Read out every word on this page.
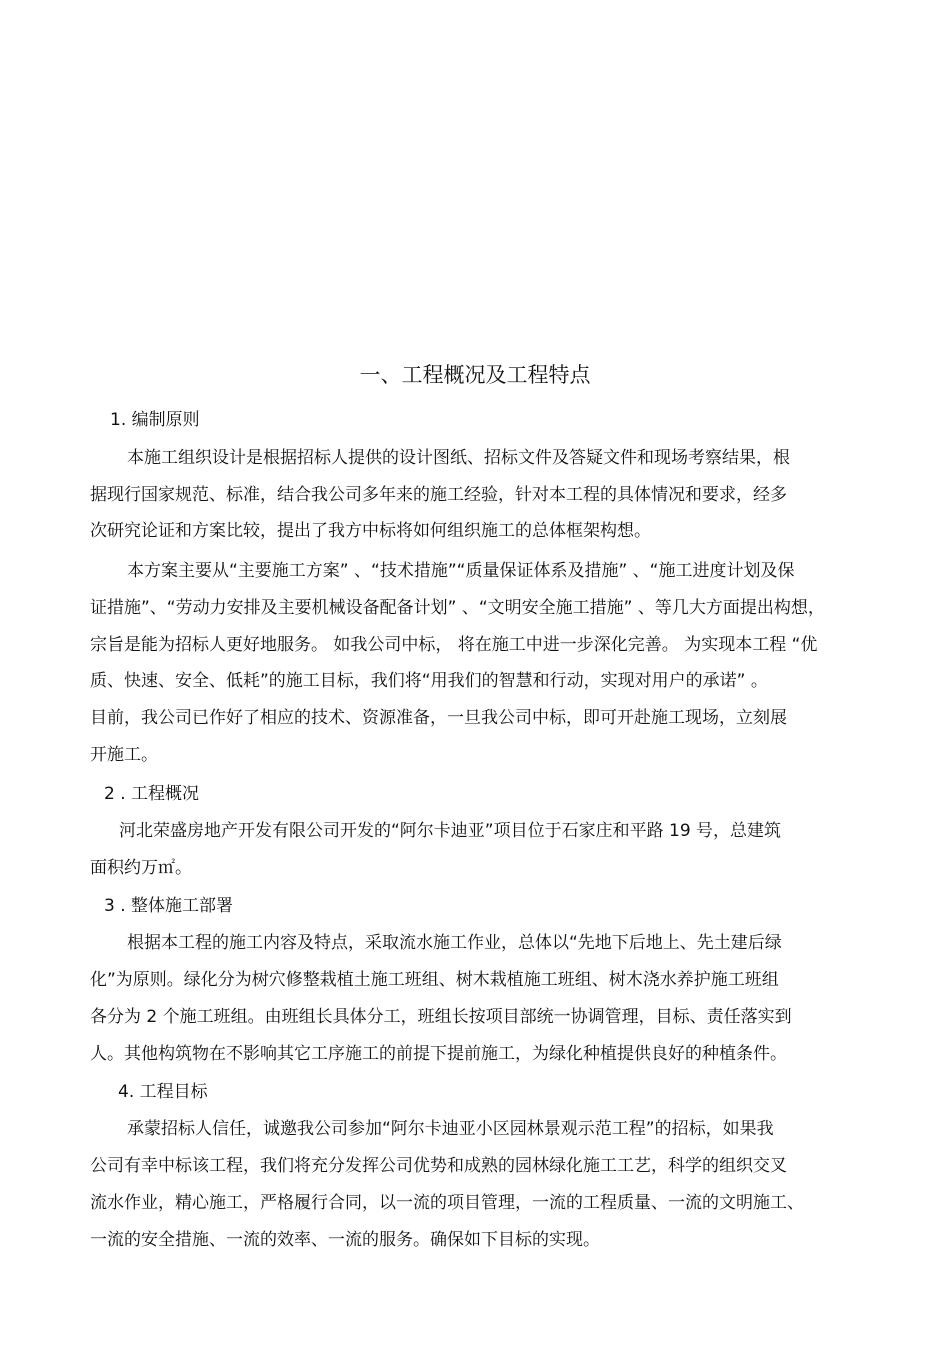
一、工程概况及工程特点
1. 编制原则
本施工组织设计是根据招标人提供的设计图纸、招标文件及答疑文件和现场考察结果，根
据现行国家规范、标准，结合我公司多年来的施工经验，针对本工程的具体情况和要求，经多
次研究论证和方案比较，提出了我方中标将如何组织施工的总体框架构想。
本方案主要从“主要施工方案” 、“技术措施”“质量保证体系及措施” 、“施工进度计划及保
证措施”、“劳动力安排及主要机械设备配备计划” 、“文明安全施工措施” 、等几大方面提出构想，
宗旨是能为招标人更好地服务。 如我公司中标， 将在施工中进一步深化完善。 为实现本工程 “优
质、快速、安全、低耗”的施工目标，我们将“用我们的智慧和行动，实现对用户的承诺” 。
目前，我公司已作好了相应的技术、资源准备，一旦我公司中标，即可开赴施工现场，立刻展
开施工。
2 . 工程概况
河北荣盛房地产开发有限公司开发的“阿尔卡迪亚”项目位于石家庄和平路 19 号，总建筑
面积约万㎡。
3 . 整体施工部署
根据本工程的施工内容及特点，采取流水施工作业，总体以“先地下后地上、先土建后绿
化”为原则。绿化分为树穴修整栽植土施工班组、树木栽植施工班组、树木浇水养护施工班组
各分为 2 个施工班组。由班组长具体分工，班组长按项目部统一协调管理，目标、责任落实到
人。其他构筑物在不影响其它工序施工的前提下提前施工，为绿化种植提供良好的种植条件。
4. 工程目标
承蒙招标人信任，诚邀我公司参加“阿尔卡迪亚小区园林景观示范工程”的招标，如果我
公司有幸中标该工程，我们将充分发挥公司优势和成熟的园林绿化施工工艺，科学的组织交叉
流水作业，精心施工，严格履行合同，以一流的项目管理，一流的工程质量、一流的文明施工、
一流的安全措施、一流的效率、一流的服务。确保如下目标的实现。
